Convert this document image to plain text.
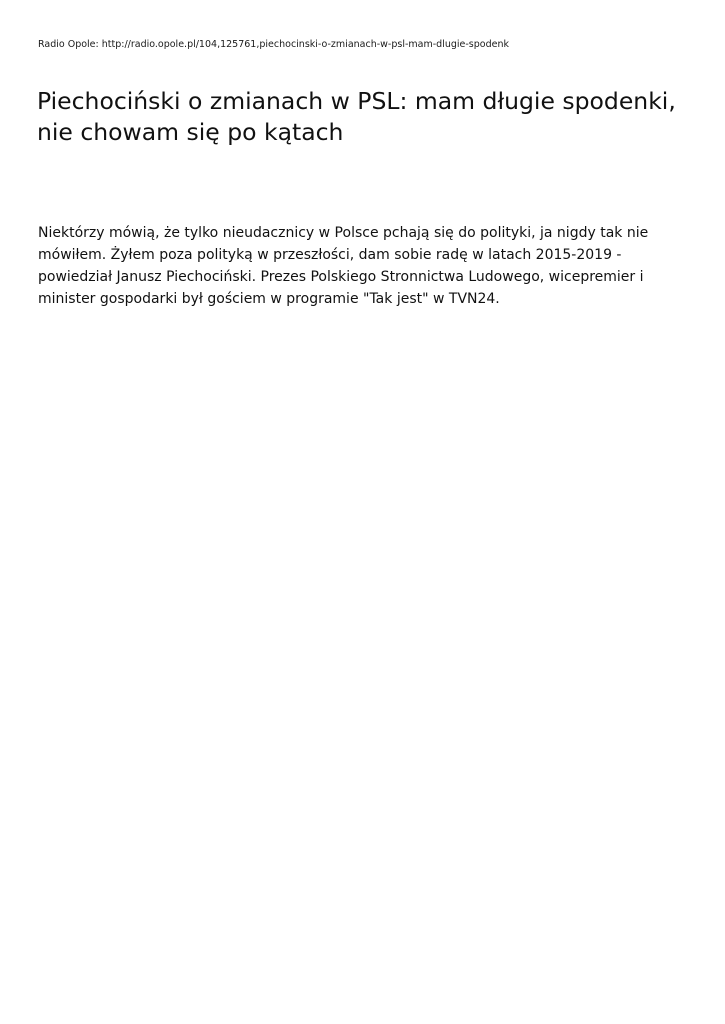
Radio Opole: http://radio.opole.pl/104,125761,piechocinski-o-zmianach-w-psl-mam-dlugie-spodenk
Piechociński o zmianach w PSL: mam długie spodenki, nie chowam się po kątach

Niektórzy mówią, że tylko nieudacznicy w Polsce pchają się do polityki, ja nigdy tak nie mówiłem. Żyłem poza polityką w przeszłości, dam sobie radę w latach 2015-2019 - powiedział Janusz Piechociński. Prezes Polskiego Stronnictwa Ludowego, wicepremier i minister gospodarki był gościem w programie "Tak jest" w TVN24.
